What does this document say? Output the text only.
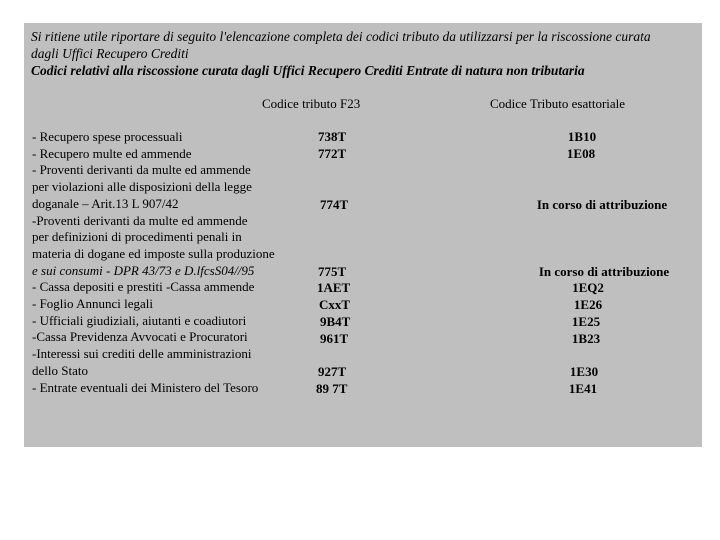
Si ritiene utile riportare di seguito l'elencazione completa dei codici tributo da utilizzarsi per la riscossione curata
dagli Uffici Recupero Crediti
Codici relativi alla riscossione curata dagli Uffici Recupero Crediti Entrate di natura non tributaria
Codice tributo F23	Codice Tributo esattoriale
- Recupero spese processuali
- Recupero multe ed ammende
- Proventi derivanti da multe ed ammende
per violazioni alle disposizioni della legge
doganale – Arit.13 L 907/42
-Proventi derivanti da multe ed ammende
per definizioni di procedimenti penali in
materia di dogane ed imposte sulla produzione
e sui consumi - DPR 43/73 e D.lfcsS04//95
- Cassa depositi e prestiti -Cassa ammende
- Foglio Annunci legali
- Ufficiali giudiziali, aiutanti e coadiutori
-Cassa Previdenza Avvocati e Procuratori
-Interessi sui crediti delle amministrazioni
dello Stato
- Entrate eventuali dei Ministero del Tesoro
738T
772T
774T
775T
1AET
CxxT
9B4T
961T
927T
89 7T
1B10
1E08
In corso di attribuzione
In corso di attribuzione
1EQ2
1E26
1E25
1B23
1E30
1E41
